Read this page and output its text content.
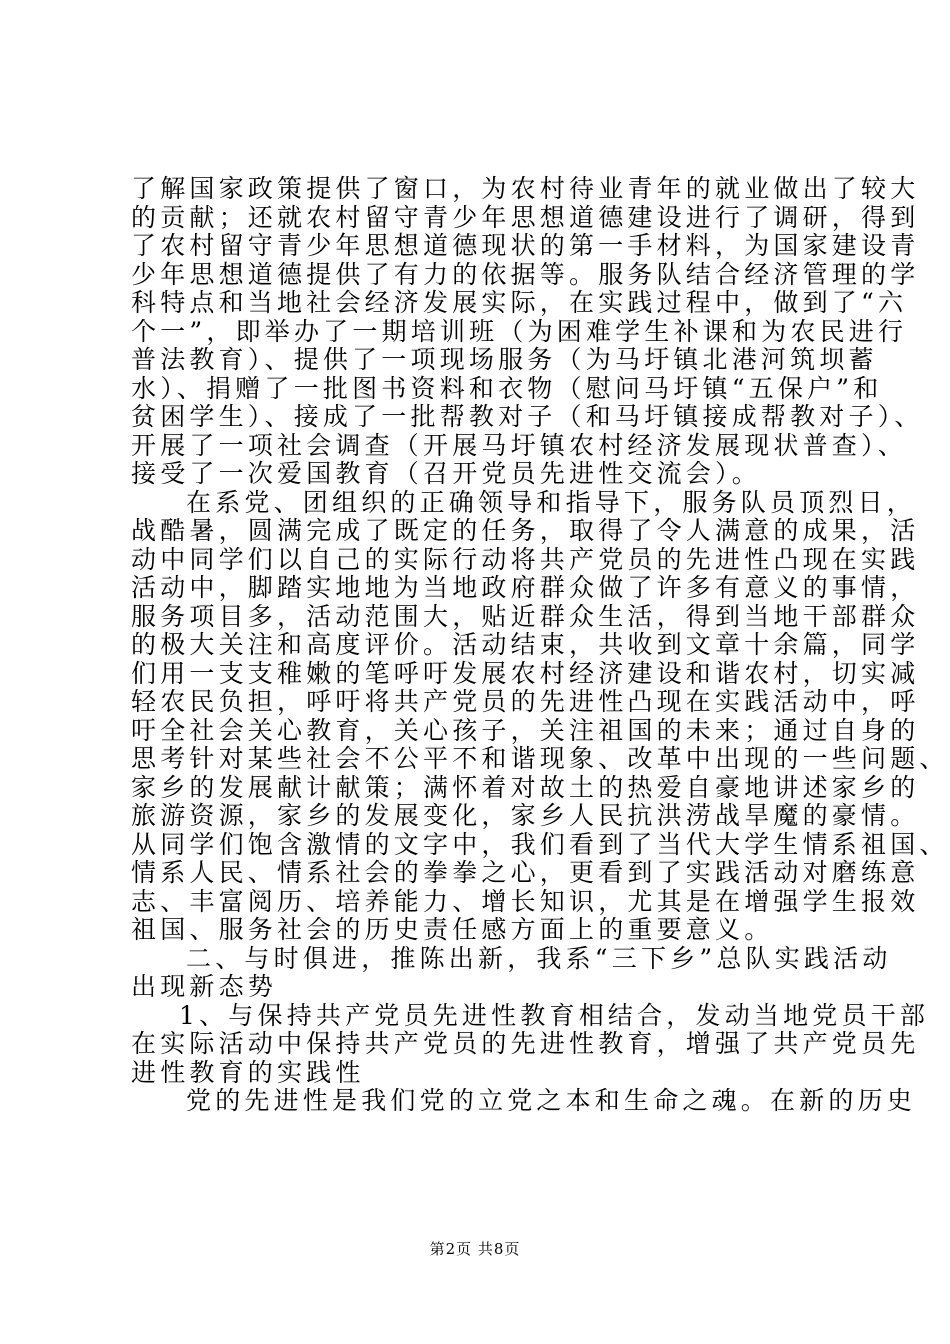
了解国家政策提供了窗口，为农村待业青年的就业做出了较大
的贡献；还就农村留守青少年思想道德建设进行了调研，得到
了农村留守青少年思想道德现状的第一手材料，为国家建设青
少年思想道德提供了有力的依据等。服务队结合经济管理的学
科特点和当地社会经济发展实际，在实践过程中，做到了“六
个一”，即举办了一期培训班（为困难学生补课和为农民进行
普法教育）、提供了一项现场服务（为马圩镇北港河筑坝蓄
水）、捐赠了一批图书资料和衣物（慰问马圩镇“五保户”和
贫困学生）、接成了一批帮教对子（和马圩镇接成帮教对子）、
开展了一项社会调查（开展马圩镇农村经济发展现状普查）、
接受了一次爱国教育（召开党员先进性交流会）。
在系党、团组织的正确领导和指导下，服务队员顶烈日，
战酷暑，圆满完成了既定的任务，取得了令人满意的成果，活
动中同学们以自己的实际行动将共产党员的先进性凸现在实践
活动中，脚踏实地地为当地政府群众做了许多有意义的事情，
服务项目多，活动范围大，贴近群众生活，得到当地干部群众
的极大关注和高度评价。活动结束，共收到文章十余篇，同学
们用一支支稚嫩的笔呼吁发展农村经济建设和谐农村，切实减
轻农民负担，呼吁将共产党员的先进性凸现在实践活动中，呼
吁全社会关心教育，关心孩子，关注祖国的未来；通过自身的
思考针对某些社会不公平不和谐现象、改革中出现的一些问题、
家乡的发展献计献策；满怀着对故土的热爱自豪地讲述家乡的
旅游资源，家乡的发展变化，家乡人民抗洪涝战旱魔的豪情。
从同学们饱含激情的文字中，我们看到了当代大学生情系祖国、
情系人民、情系社会的拳拳之心，更看到了实践活动对磨练意
志、丰富阅历、培养能力、增长知识，尤其是在增强学生报效
祖国、服务社会的历史责任感方面上的重要意义。
二、与时俱进，推陈出新，我系“三下乡”总队实践活动
出现新态势
1、与保持共产党员先进性教育相结合，发动当地党员干部
在实际活动中保持共产党员的先进性教育，增强了共产党员先
进性教育的实践性
党的先进性是我们党的立党之本和生命之魂。在新的历史
第2页 共8页
